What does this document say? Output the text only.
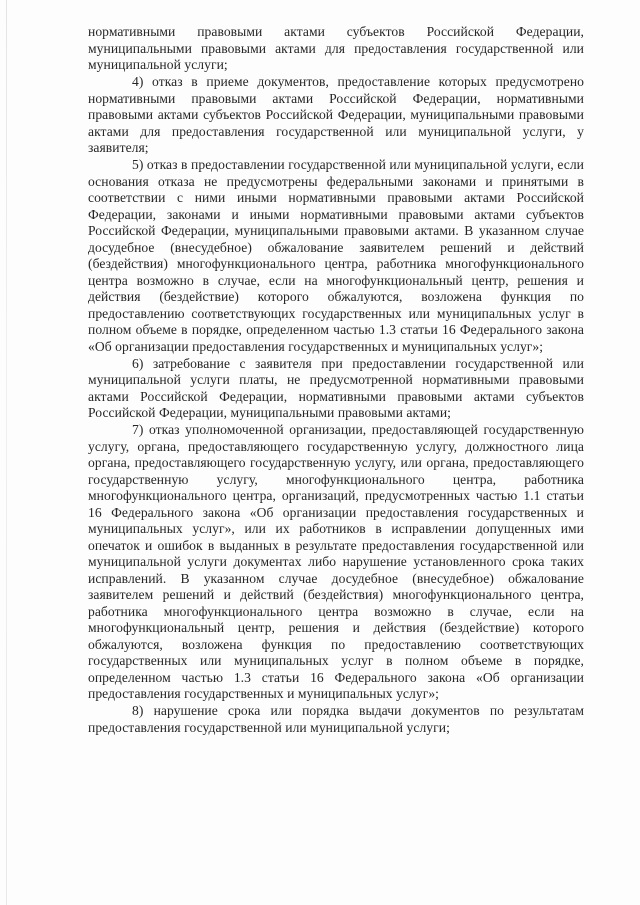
нормативными правовыми актами субъектов Российской Федерации, муниципальными правовыми актами для предоставления государственной или муниципальной услуги;

4) отказ в приеме документов, предоставление которых предусмотрено нормативными правовыми актами Российской Федерации, нормативными правовыми актами субъектов Российской Федерации, муниципальными правовыми актами для предоставления государственной или муниципальной услуги, у заявителя;

5) отказ в предоставлении государственной или муниципальной услуги, если основания отказа не предусмотрены федеральными законами и принятыми в соответствии с ними иными нормативными правовыми актами Российской Федерации, законами и иными нормативными правовыми актами субъектов Российской Федерации, муниципальными правовыми актами. В указанном случае досудебное (внесудебное) обжалование заявителем решений и действий (бездействия) многофункционального центра, работника многофункционального центра возможно в случае, если на многофункциональный центр, решения и действия (бездействие) которого обжалуются, возложена функция по предоставлению соответствующих государственных или муниципальных услуг в полном объеме в порядке, определенном частью 1.3 статьи 16 Федерального закона «Об организации предоставления государственных и муниципальных услуг»;

6) затребование с заявителя при предоставлении государственной или муниципальной услуги платы, не предусмотренной нормативными правовыми актами Российской Федерации, нормативными правовыми актами субъектов Российской Федерации, муниципальными правовыми актами;

7) отказ уполномоченной организации, предоставляющей государственную услугу, органа, предоставляющего государственную услугу, должностного лица органа, предоставляющего государственную услугу, или органа, предоставляющего государственную услугу, многофункционального центра, работника многофункционального центра, организаций, предусмотренных частью 1.1 статьи 16 Федерального закона «Об организации предоставления государственных и муниципальных услуг», или их работников в исправлении допущенных ими опечаток и ошибок в выданных в результате предоставления государственной или муниципальной услуги документах либо нарушение установленного срока таких исправлений. В указанном случае досудебное (внесудебное) обжалование заявителем решений и действий (бездействия) многофункционального центра, работника многофункционального центра возможно в случае, если на многофункциональный центр, решения и действия (бездействие) которого обжалуются, возложена функция по предоставлению соответствующих государственных или муниципальных услуг в полном объеме в порядке, определенном частью 1.3 статьи 16 Федерального закона «Об организации предоставления государственных и муниципальных услуг»;

8) нарушение срока или порядка выдачи документов по результатам предоставления государственной или муниципальной услуги;
